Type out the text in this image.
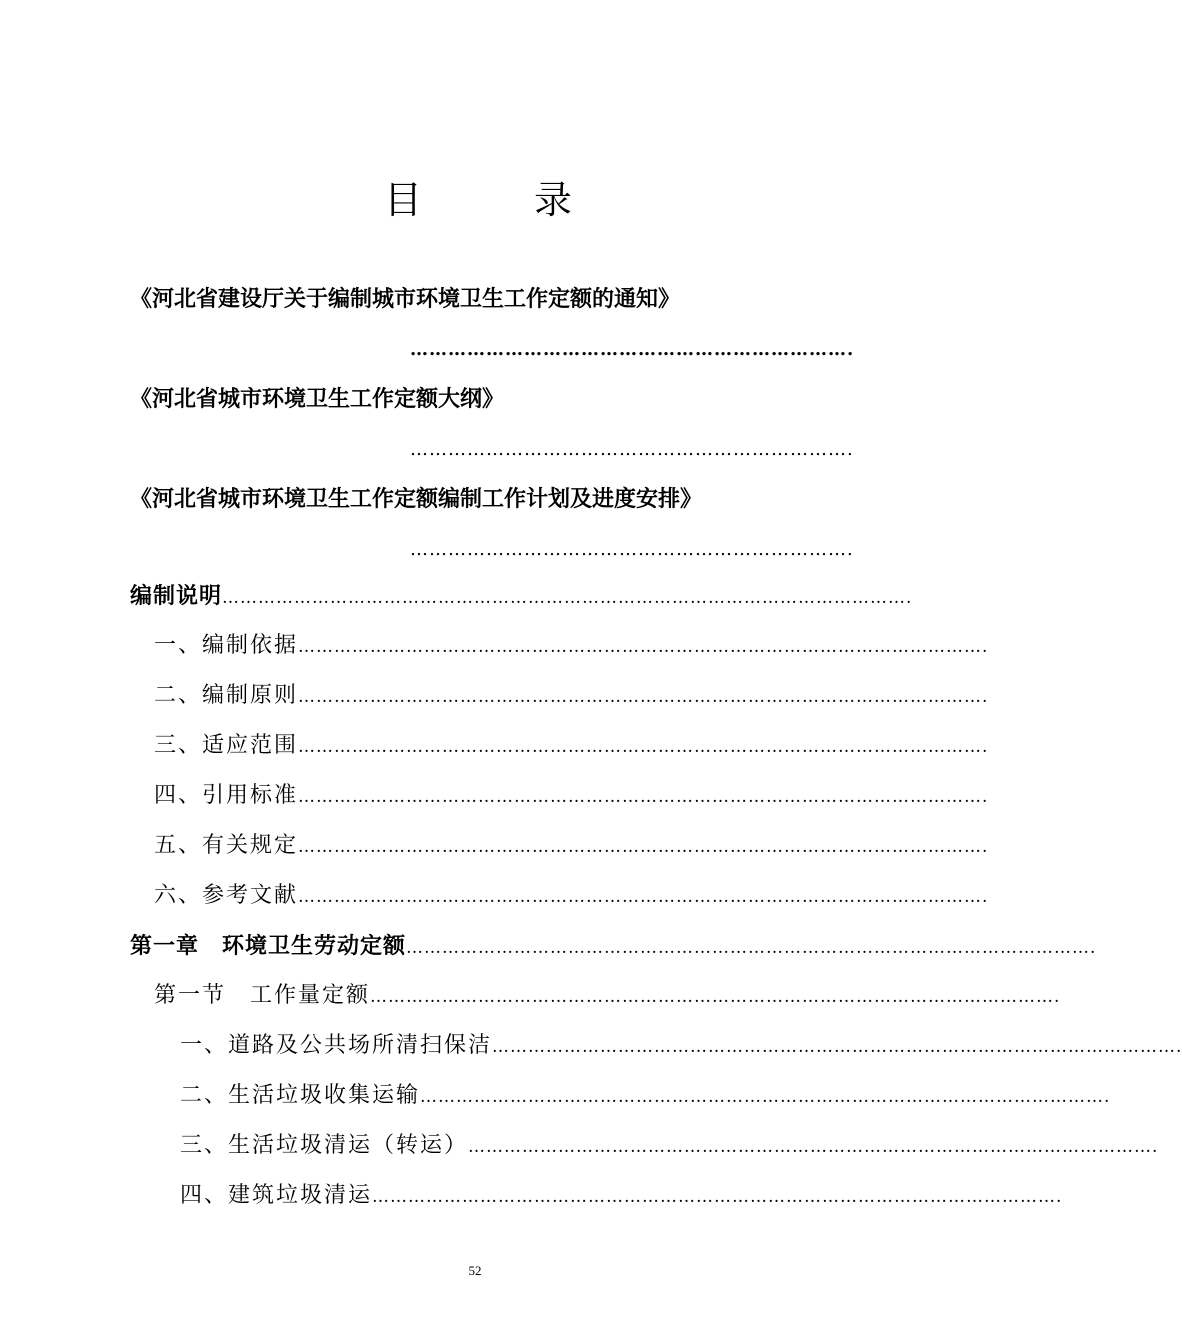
目	录
《河北省建设厅关于编制城市环境卫生工作定额的通知》
…………………………………………………………….
《河北省城市环境卫生工作定额大纲》
…………………………………………………………….
《河北省城市环境卫生工作定额编制工作计划及进度安排》
…………………………………………………………….
编制说明 …………………………………………………………………………………………………….
一、编制依据 …………………………………………………………………………………………………….
二、编制原则 …………………………………………………………………………………………………….
三、适应范围 …………………………………………………………………………………………………….
四、引用标准 …………………………………………………………………………………………………….
五、有关规定 …………………………………………………………………………………………………….
六、参考文献 …………………………………………………………………………………………………….
第一章　环境卫生劳动定额 …………………………………………………………………………………………………….
第一节　工作量定额 …………………………………………………………………………………………………….
一、道路及公共场所清扫保洁 …………………………………………………………………………………………………….
二、生活垃圾收集运输 …………………………………………………………………………………………………….
三、生活垃圾清运（转运） …………………………………………………………………………………………………….
四、建筑垃圾清运 …………………………………………………………………………………………………….
52
